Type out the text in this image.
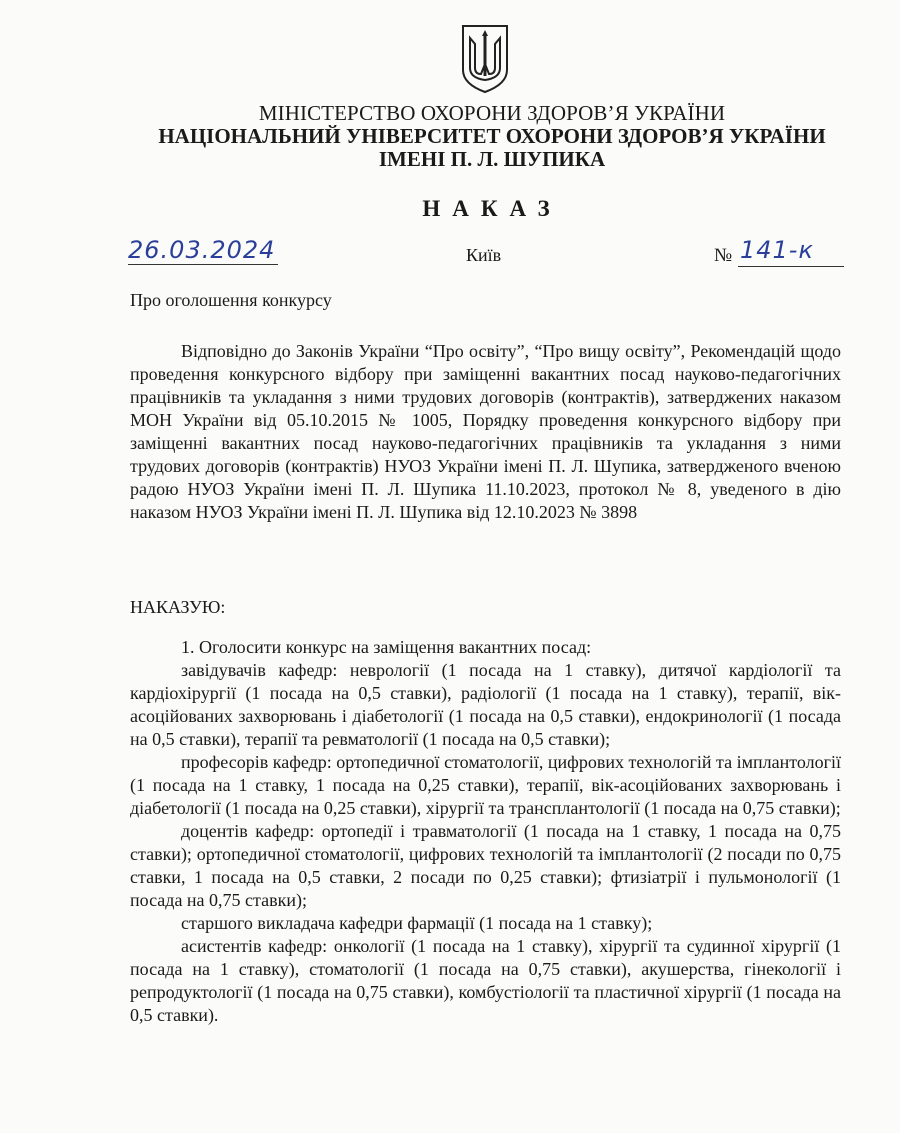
МІНІСТЕРСТВО ОХОРОНИ ЗДОРОВ’Я УКРАЇНИ
НАЦІОНАЛЬНИЙ УНІВЕРСИТЕТ ОХОРОНИ ЗДОРОВ’Я УКРАЇНИ
ІМЕНІ П. Л. ШУПИКА
НАКАЗ
26.03.2024	Київ	№ 141-к
Про оголошення конкурсу
Відповідно до Законів України “Про освіту”, “Про вищу освіту”, Рекомендацій щодо проведення конкурсного відбору при заміщенні вакантних посад науково-педагогічних працівників та укладання з ними трудових договорів (контрактів), затверджених наказом МОН України від 05.10.2015 № 1005, Порядку проведення конкурсного відбору при заміщенні вакантних посад науково-педагогічних працівників та укладання з ними трудових договорів (контрактів) НУОЗ України імені П. Л. Шупика, затвердженого вченою радою НУОЗ України імені П. Л. Шупика 11.10.2023, протокол № 8, уведеного в дію наказом НУОЗ України імені П. Л. Шупика від 12.10.2023 № 3898
НАКАЗУЮ:
1. Оголосити конкурс на заміщення вакантних посад:
завідувачів кафедр: неврології (1 посада на 1 ставку), дитячої кардіології та кардіохірургії (1 посада на 0,5 ставки), радіології (1 посада на 1 ставку), терапії, вік-асоційованих захворювань і діабетології (1 посада на 0,5 ставки), ендокринології (1 посада на 0,5 ставки), терапії та ревматології (1 посада на 0,5 ставки);
професорів кафедр: ортопедичної стоматології, цифрових технологій та імплантології (1 посада на 1 ставку, 1 посада на 0,25 ставки), терапії, вік-асоційованих захворювань і діабетології (1 посада на 0,25 ставки), хірургії та трансплантології (1 посада на 0,75 ставки);
доцентів кафедр: ортопедії і травматології (1 посада на 1 ставку, 1 посада на 0,75 ставки); ортопедичної стоматології, цифрових технологій та імплантології (2 посади по 0,75 ставки, 1 посада на 0,5 ставки, 2 посади по 0,25 ставки); фтизіатрії і пульмонології (1 посада на 0,75 ставки);
старшого викладача кафедри фармації (1 посада на 1 ставку);
асистентів кафедр: онкології (1 посада на 1 ставку), хірургії та судинної хірургії (1 посада на 1 ставку), стоматології (1 посада на 0,75 ставки), акушерства, гінекології і репродуктології (1 посада на 0,75 ставки), комбустіології та пластичної хірургії (1 посада на 0,5 ставки).
